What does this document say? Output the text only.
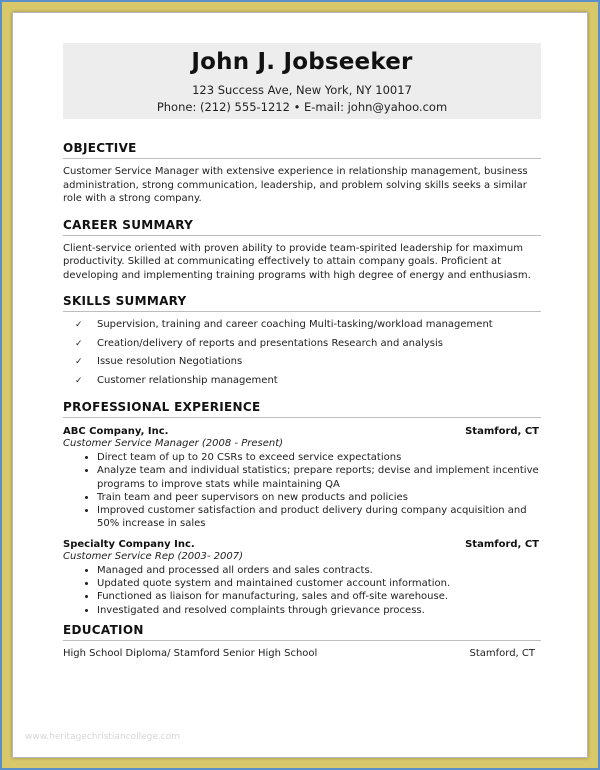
John J. Jobseeker
123 Success Ave, New York, NY 10017
Phone: (212) 555-1212 • E-mail: john@yahoo.com
OBJECTIVE
Customer Service Manager with extensive experience in relationship management, business administration, strong communication, leadership, and problem solving skills seeks a similar role with a strong company.
CAREER SUMMARY
Client-service oriented with proven ability to provide team-spirited leadership for maximum productivity. Skilled at communicating effectively to attain company goals. Proficient at developing and implementing training programs with high degree of energy and enthusiasm.
SKILLS SUMMARY
✓ Supervision, training and career coaching Multi-tasking/workload management
✓ Creation/delivery of reports and presentations Research and analysis
✓ Issue resolution Negotiations
✓ Customer relationship management
PROFESSIONAL EXPERIENCE
ABC Company, Inc.	Stamford, CT
Customer Service Manager (2008 - Present)
• Direct team of up to 20 CSRs to exceed service expectations
• Analyze team and individual statistics; prepare reports; devise and implement incentive programs to improve stats while maintaining QA
• Train team and peer supervisors on new products and policies
• Improved customer satisfaction and product delivery during company acquisition and 50% increase in sales
Specialty Company Inc.	Stamford, CT
Customer Service Rep (2003- 2007)
• Managed and processed all orders and sales contracts.
• Updated quote system and maintained customer account information.
• Functioned as liaison for manufacturing, sales and off-site warehouse.
• Investigated and resolved complaints through grievance process.
EDUCATION
High School Diploma/ Stamford Senior High School	Stamford, CT
www.heritagechristiancollege.com
